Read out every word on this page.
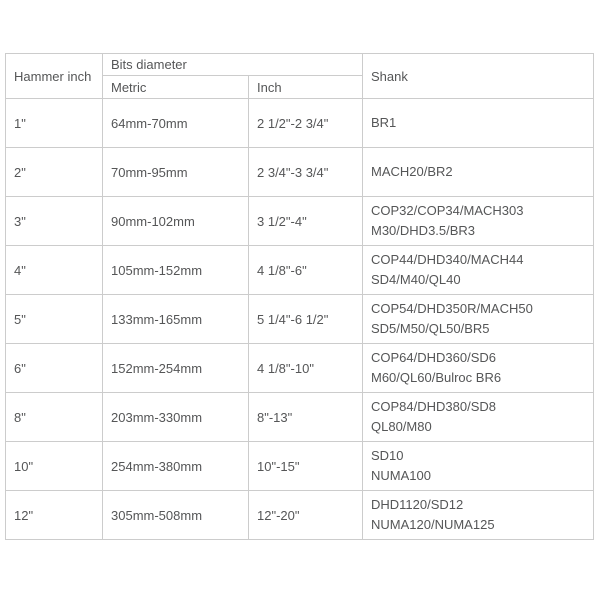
Hammer inch	Bits diameter		Shank
	Metric	Inch	
1"	64mm-70mm	2 1/2"-2 3/4"	BR1

2"	70mm-95mm	2 3/4"-3 3/4"	MACH20/BR2

3"	90mm-102mm	3 1/2"-4"	COP32/COP34/MACH303
M30/DHD3.5/BR3

4"	105mm-152mm	4 1/8"-6"	COP44/DHD340/MACH44
SD4/M40/QL40

5"	133mm-165mm	5 1/4"-6 1/2"	COP54/DHD350R/MACH50
SD5/M50/QL50/BR5

6"	152mm-254mm	4 1/8"-10"	COP64/DHD360/SD6
M60/QL60/Bulroc BR6

8"	203mm-330mm	8"-13"	COP84/DHD380/SD8
QL80/M80

10"	254mm-380mm	10"-15"	SD10
NUMA100

12"	305mm-508mm	12"-20"	DHD1120/SD12
NUMA120/NUMA125
